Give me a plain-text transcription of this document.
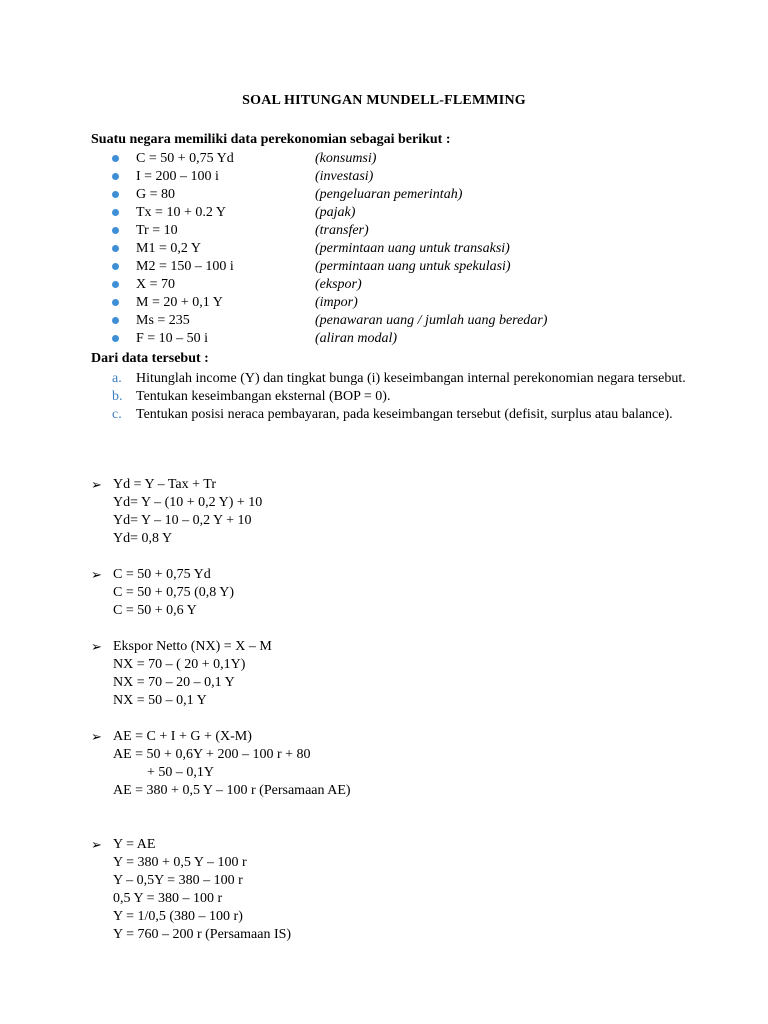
SOAL HITUNGAN MUNDELL-FLEMMING
Suatu negara memiliki data perekonomian sebagai berikut :
C = 50 + 0,75 Yd	(konsumsi)
I = 200 – 100 i	(investasi)
G = 80	(pengeluaran pemerintah)
Tx = 10 + 0.2 Y	(pajak)
Tr = 10	(transfer)
M1 = 0,2 Y	(permintaan uang untuk transaksi)
M2 = 150 – 100 i	(permintaan uang untuk spekulasi)
X = 70	(ekspor)
M = 20 + 0,1 Y	(impor)
Ms = 235	(penawaran uang / jumlah uang beredar)
F = 10 – 50 i	(aliran modal)
Dari data tersebut :
a. Hitunglah income (Y) dan tingkat bunga (i) keseimbangan internal perekonomian negara tersebut.
b. Tentukan keseimbangan eksternal (BOP = 0).
c. Tentukan posisi neraca pembayaran, pada keseimbangan tersebut (defisit, surplus atau balance).
➢ Yd = Y – Tax + Tr
Yd= Y – (10 + 0,2 Y) + 10
Yd= Y – 10 – 0,2 Y + 10
Yd= 0,8 Y
➢ C = 50 + 0,75 Yd
C = 50 + 0,75 (0,8 Y)
C = 50 + 0,6 Y
➢ Ekspor Netto (NX) = X – M
NX = 70 – ( 20 + 0,1Y)
NX = 70 – 20 – 0,1 Y
NX = 50 – 0,1 Y
➢ AE = C + I + G + (X-M)
AE = 50 + 0,6Y + 200 – 100 r + 80
+ 50 – 0,1Y
AE = 380 + 0,5 Y – 100 r (Persamaan AE)
➢ Y = AE
Y = 380 + 0,5 Y – 100 r
Y – 0,5Y = 380 – 100 r
0,5 Y = 380 – 100 r
Y = 1/0,5 (380 – 100 r)
Y = 760 – 200 r (Persamaan IS)
